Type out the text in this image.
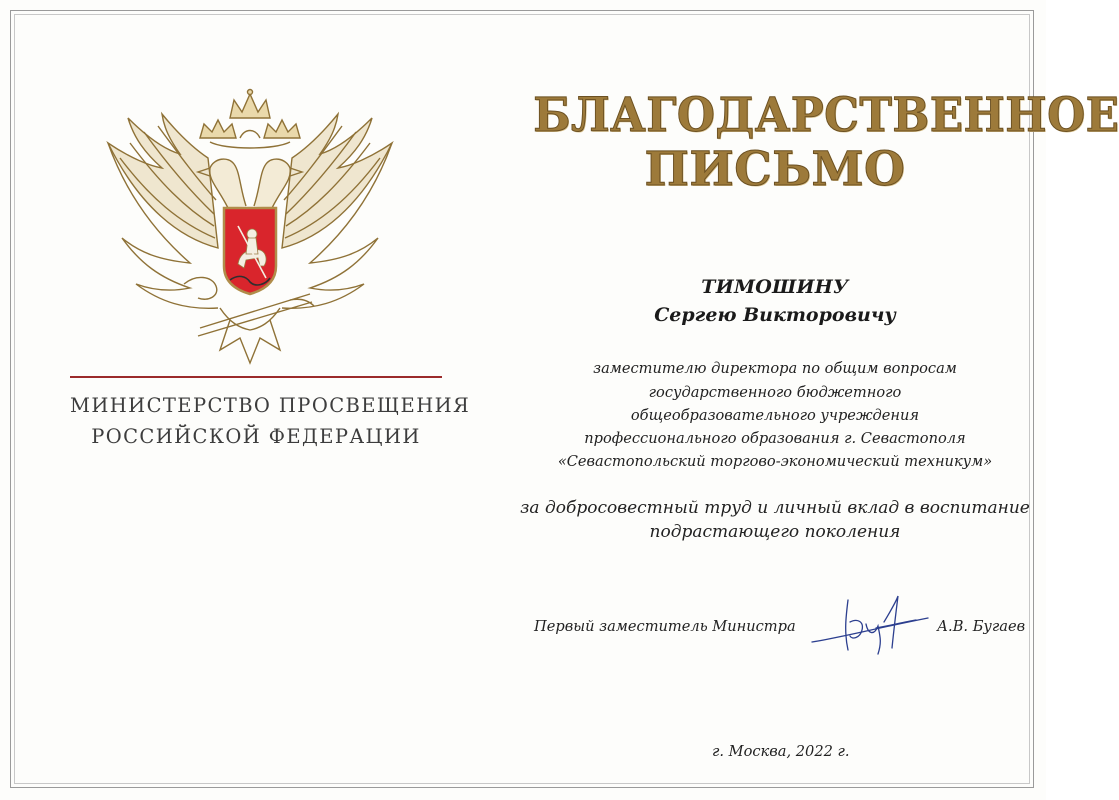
МИНИСТЕРСТВО ПРОСВЕЩЕНИЯ
РОССИЙСКОЙ ФЕДЕРАЦИИ
БЛАГОДАРСТВЕННОЕ
ПИСЬМО
ТИМОШИНУ
Сергею Викторовичу
заместителю директора по общим вопросам
государственного бюджетного
общеобразовательного учреждения
профессионального образования г. Севастополя
«Севастопольский торгово-экономический техникум»
за добросовестный труд и личный вклад в воспитание
подрастающего поколения
Первый заместитель Министра	А.В. Бугаев
г. Москва, 2022 г.
